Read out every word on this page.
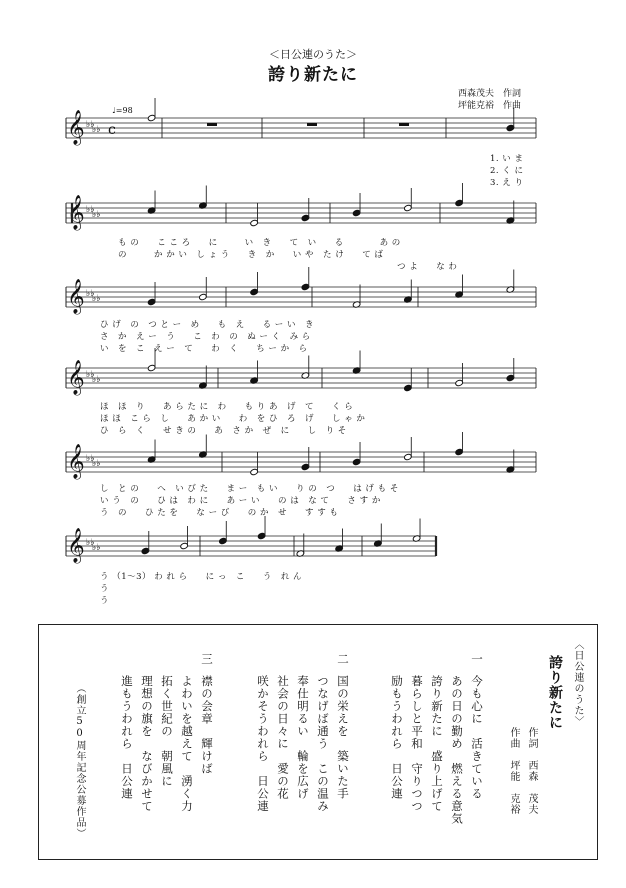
＜日公連のうた＞
誇り新たに
西森茂夫　作詞
坪能克裕　作曲
♩=98
𝄞 ♭♭
♭♭
𝄞 ♭♭
♭♭
𝄞 ♭♭
♭♭
𝄞 ♭♭
♭♭
𝄞 ♭♭
♭♭
𝄞 ♭♭
♭♭
c
1. い ま
2. く に
3. え り
も の　　こ こ ろ　　に　　　い　き　　て　い　　る　　　　あ の
の　　　か か い　し ょ う　　き　か　　い や　た け　　て ば
　　　　　　　　　　　　　　　　　　　　　　　　　　　　　　　つ よ　　な わ
ひ げ　の　つ と ー　め　　も　え　　る ー い　き
さ　か　え ー　う　　こ　わ　の　ぬ ー く　み ら
い　を　こ　え ー　て　　わ　く　　ち ー か　ら
ほ　ほ　り　　あ ら た に　わ　　も り あ　げ　て　　く ら
ほ ほ　こ ら　し　　あ か い　　わ　を ひ　ろ　げ　　し ゃ か
ひ　ら　く　　せ き の　　あ　さ か　ぜ　に　　し　り そ
し　と の　　へ　い び た　　ま ー　も い　　り の　つ　　は げ も そ
い う　の　　ひ は　わ に　　あ ー い　　の は　な て　　さ す か
う　の　　ひ た を　　な ー び　　の か　せ　　す す も
う （1～3） わ れ ら　　に っ　こ　　う　れ ん
う
う
〈日公連のうた〉
誇り新たに
作詞　西森　茂夫
作曲　坪能　克裕
一
今も心に　活きている
あの日の勤め　燃える意気
誇り新たに　盛り上げて
暮らしと平和　守りつつ
励もうわれら　日公連
二
国の栄えを　築いた手
つなげば通う　この温み
奉仕明るい　輪を広げ
社会の日々に　愛の花
咲かそうわれら　日公連
三
襟の会章　輝けば
よわいを越えて　湧く力
拓く世紀の　朝風に
理想の旗を　なびかせて
進もうわれら　日公連
（創立50周年記念公募作品）
